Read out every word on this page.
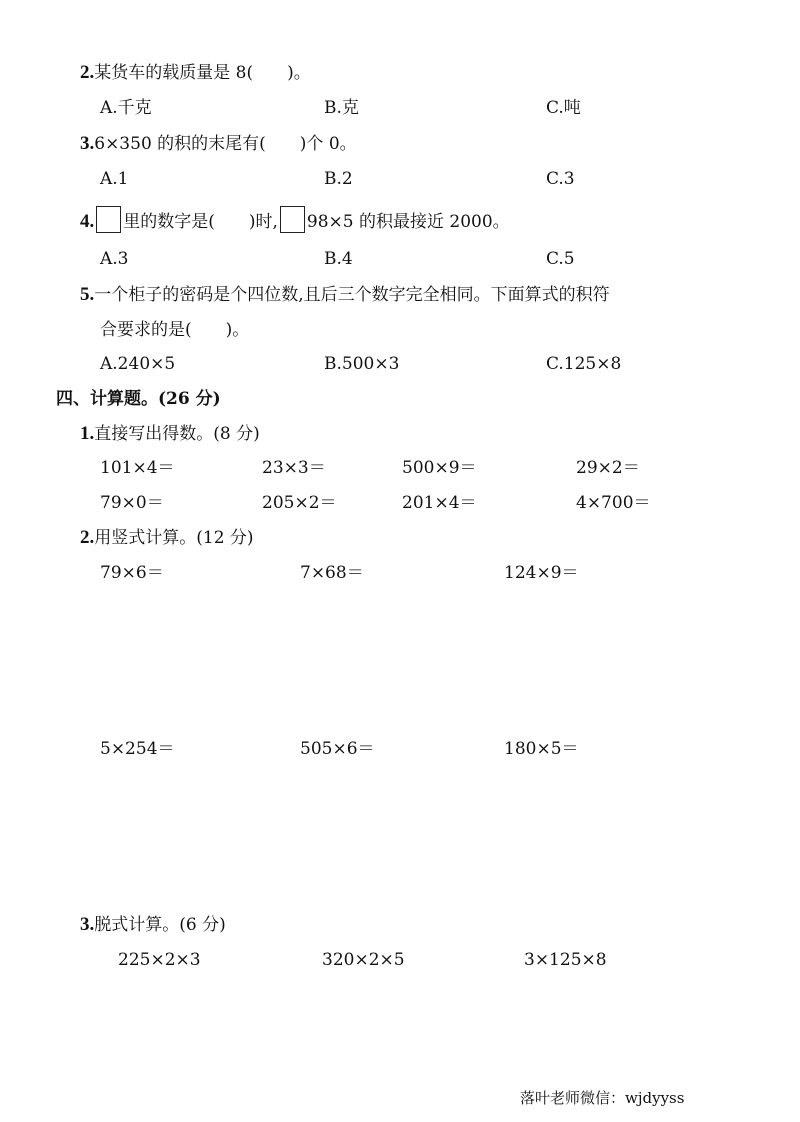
2.某货车的载质量是 8(　　)。
A.千克	B.克	C.吨
3.6×350 的积的末尾有(　　)个 0。
A.1	B.2	C.3
4. 里的数字是(　　)时, 98×5 的积最接近 2000。
A.3	B.4	C.5
5.一个柜子的密码是个四位数,且后三个数字完全相同。下面算式的积符
合要求的是(　　)。
A.240×5	B.500×3	C.125×8
四、计算题。(26 分)
1.直接写出得数。(8 分)
101×4＝	23×3＝	500×9＝	29×2＝
79×0＝	205×2＝	201×4＝	4×700＝
2.用竖式计算。(12 分)
79×6＝	7×68＝	124×9＝
5×254＝	505×6＝	180×5＝
3.脱式计算。(6 分)
225×2×3	320×2×5	3×125×8
落叶老师微信：wjdyyss
